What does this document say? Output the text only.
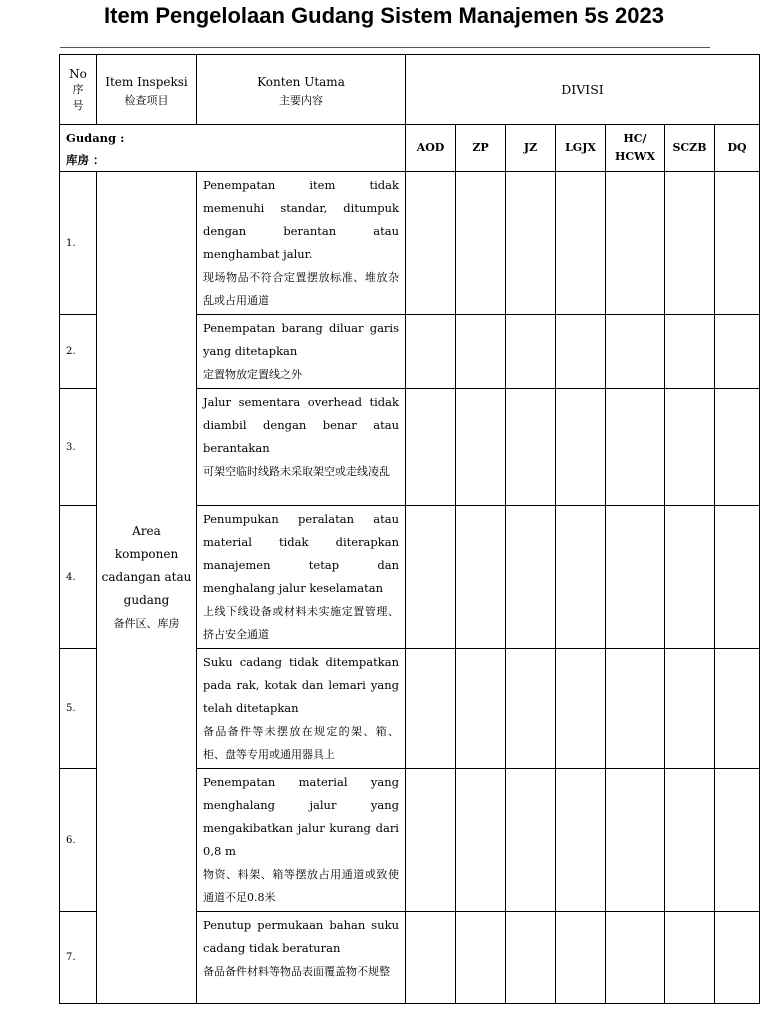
Item Pengelolaan Gudang Sistem Manajemen 5s 2023
No
序
号	Item Inspeksi
检查项目	Konten Utama
主要内容	DIVISI						

Gudang :
库房 ：			AOD	ZP	JZ	LGJX	HC/
HCWX	SCZB	DQ
1.	Area komponen cadangan atau gudang
备件区、库房	Penempatan item tidak memenuhi standar, ditumpuk dengan berantan atau menghambat jalur.
现场物品不符合定置摆放标准、堆放杂乱或占用通道							

2.		Penempatan barang diluar garis yang ditetapkan
定置物放定置线之外							

3.		Jalur sementara overhead tidak diambil dengan benar atau berantakan
可架空临时线路未采取架空或走线凌乱							

4.		Penumpukan peralatan atau material tidak diterapkan manajemen tetap dan menghalang jalur keselamatan
上线下线设备或材料未实施定置管理、挤占安全通道							

5.		Suku cadang tidak ditempatkan pada rak, kotak dan lemari yang telah ditetapkan
备品备件等未摆放在规定的架、箱、柜、盘等专用或通用器具上							

6.		Penempatan material yang menghalang jalur yang mengakibatkan jalur kurang dari 0,8 m
物资、料架、箱等摆放占用通道或致使通道不足0.8米							

7.		Penutup permukaan bahan suku cadang tidak beraturan
备品备件材料等物品表面覆盖物不规整							
